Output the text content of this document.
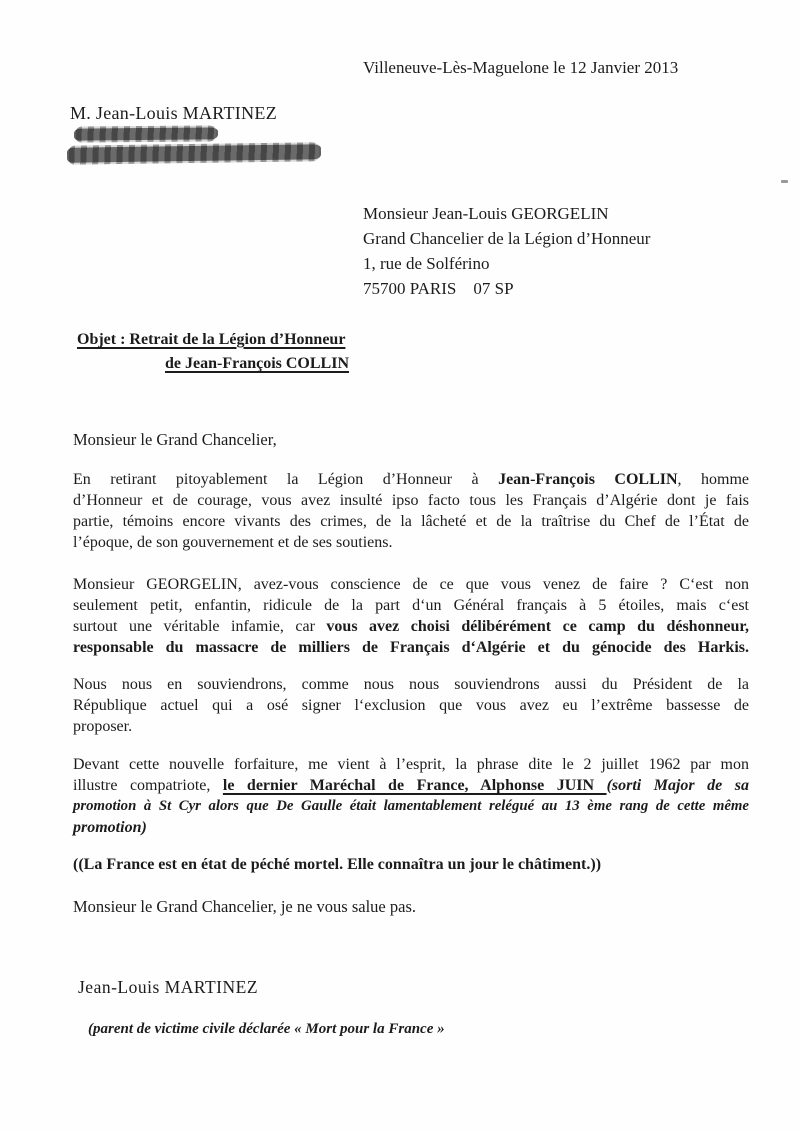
Villeneuve-Lès-Maguelone le 12 Janvier 2013
M. Jean-Louis MARTINEZ
Monsieur Jean-Louis GEORGELIN
Grand Chancelier de la Légion d’Honneur
1, rue de Solférino
75700 PARIS    07 SP
Objet : Retrait de la Légion d’Honneur
de Jean-François COLLIN
Monsieur le Grand Chancelier,
En retirant pitoyablement la Légion d’Honneur à Jean-François COLLIN, homme
d’Honneur et de courage, vous avez insulté ipso facto tous les Français d’Algérie dont je fais
partie, témoins encore vivants des crimes, de la lâcheté et de la traîtrise du Chef de l’État de
l’époque, de son gouvernement et de ses soutiens.
Monsieur GEORGELIN, avez-vous conscience de ce que vous venez de faire ? C‘est non
seulement petit, enfantin, ridicule de la part d‘un Général français à 5 étoiles, mais c‘est
surtout une véritable infamie, car vous avez choisi délibérément ce camp du déshonneur,
responsable du massacre de milliers de Français d‘Algérie et du génocide des Harkis.
Nous nous en souviendrons, comme nous nous souviendrons aussi du Président de la
République actuel qui a osé signer l‘exclusion que vous avez eu l’extrême bassesse de
proposer.
Devant cette nouvelle forfaiture, me vient à l’esprit, la phrase dite le 2 juillet 1962 par mon
illustre compatriote, le dernier Maréchal de France, Alphonse JUIN (sorti Major de sa
promotion à St Cyr alors que De Gaulle était lamentablement relégué au 13 ème rang de cette même
promotion)
((La France est en état de péché mortel. Elle connaîtra un jour le châtiment.))
Monsieur le Grand Chancelier, je ne vous salue pas.
Jean-Louis MARTINEZ
(parent de victime civile déclarée « Mort pour la France »
